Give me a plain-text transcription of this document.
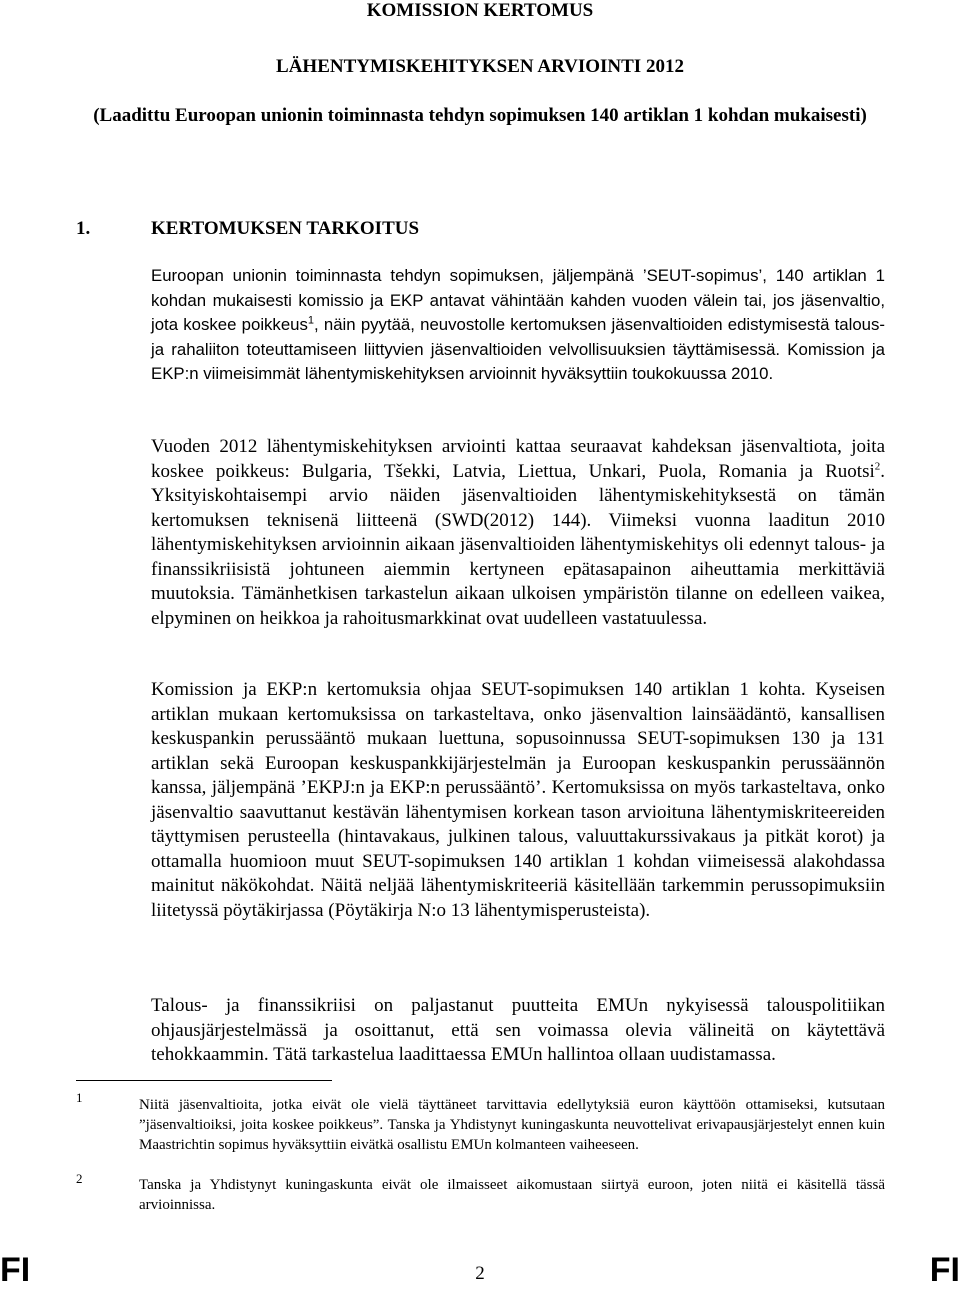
KOMISSION KERTOMUS
LÄHENTYMISKEHITYKSEN ARVIOINTI 2012
(Laadittu Euroopan unionin toiminnasta tehdyn sopimuksen 140 artiklan 1 kohdan mukaisesti)
1.	KERTOMUKSEN TARKOITUS

Euroopan unionin toiminnasta tehdyn sopimuksen, jäljempänä ’SEUT-sopimus’, 140 artiklan 1 kohdan mukaisesti komissio ja EKP antavat vähintään kahden vuoden välein tai, jos jäsenvaltio, jota koskee poikkeus$^1$, näin pyytää, neuvostolle kertomuksen jäsenvaltioiden edistymisestä talous- ja rahaliiton toteuttamiseen liittyvien jäsenvaltioiden velvollisuuksien täyttämisessä. Komission ja EKP:n viimeisimmät lähentymiskehityksen arvioinnit hyväksyttiin toukokuussa 2010.

Vuoden 2012 lähentymiskehityksen arviointi kattaa seuraavat kahdeksan jäsenvaltiota, joita koskee poikkeus: Bulgaria, Tšekki, Latvia, Liettua, Unkari, Puola, Romania ja Ruotsi$^2$. Yksityiskohtaisempi arvio näiden jäsenvaltioiden lähentymiskehityksestä on tämän kertomuksen teknisenä liitteenä (SWD(2012) 144). Viimeksi vuonna laaditun 2010 lähentymiskehityksen arvioinnin aikaan jäsenvaltioiden lähentymiskehitys oli edennyt talous- ja finanssikriisistä johtuneen aiemmin kertyneen epätasapainon aiheuttamia merkittäviä muutoksia. Tämänhetkisen tarkastelun aikaan ulkoisen ympäristön tilanne on edelleen vaikea, elpyminen on heikkoa ja rahoitusmarkkinat ovat uudelleen vastatuulessa.

Komission ja EKP:n kertomuksia ohjaa SEUT-sopimuksen 140 artiklan 1 kohta. Kyseisen artiklan mukaan kertomuksissa on tarkasteltava, onko jäsenvaltion lainsäädäntö, kansallisen keskuspankin perussääntö mukaan luettuna, sopusoinnussa SEUT-sopimuksen 130 ja 131 artiklan sekä Euroopan keskuspankkijärjestelmän ja Euroopan keskuspankin perussäännön kanssa, jäljempänä ’EKPJ:n ja EKP:n perussääntö’. Kertomuksissa on myös tarkasteltava, onko jäsenvaltio saavuttanut kestävän lähentymisen korkean tason arvioituna lähentymiskriteereiden täyttymisen perusteella (hintavakaus, julkinen talous, valuuttakurssivakaus ja pitkät korot) ja ottamalla huomioon muut SEUT-sopimuksen 140 artiklan 1 kohdan viimeisessä alakohdassa mainitut näkökohdat. Näitä neljää lähentymiskriteeriä käsitellään tarkemmin perussopimuksiin liitetyssä pöytäkirjassa (Pöytäkirja N:o 13 lähentymisperusteista).

Talous- ja finanssikriisi on paljastanut puutteita EMUn nykyisessä talouspolitiikan ohjausjärjestelmässä ja osoittanut, että sen voimassa olevia välineitä on käytettävä tehokkaammin. Tätä tarkastelua laadittaessa EMUn hallintoa ollaan uudistamassa.

1	Niitä jäsenvaltioita, jotka eivät ole vielä täyttäneet tarvittavia edellytyksiä euron käyttöön ottamiseksi, kutsutaan ”jäsenvaltioiksi, joita koskee poikkeus”. Tanska ja Yhdistynyt kuningaskunta neuvottelivat erivapausjärjestelyt ennen kuin Maastrichtin sopimus hyväksyttiin eivätkä osallistu EMUn kolmanteen vaiheeseen.

2	Tanska ja Yhdistynyt kuningaskunta eivät ole ilmaisseet aikomustaan siirtyä euroon, joten niitä ei käsitellä tässä arvioinnissa.

FI	2	FI
